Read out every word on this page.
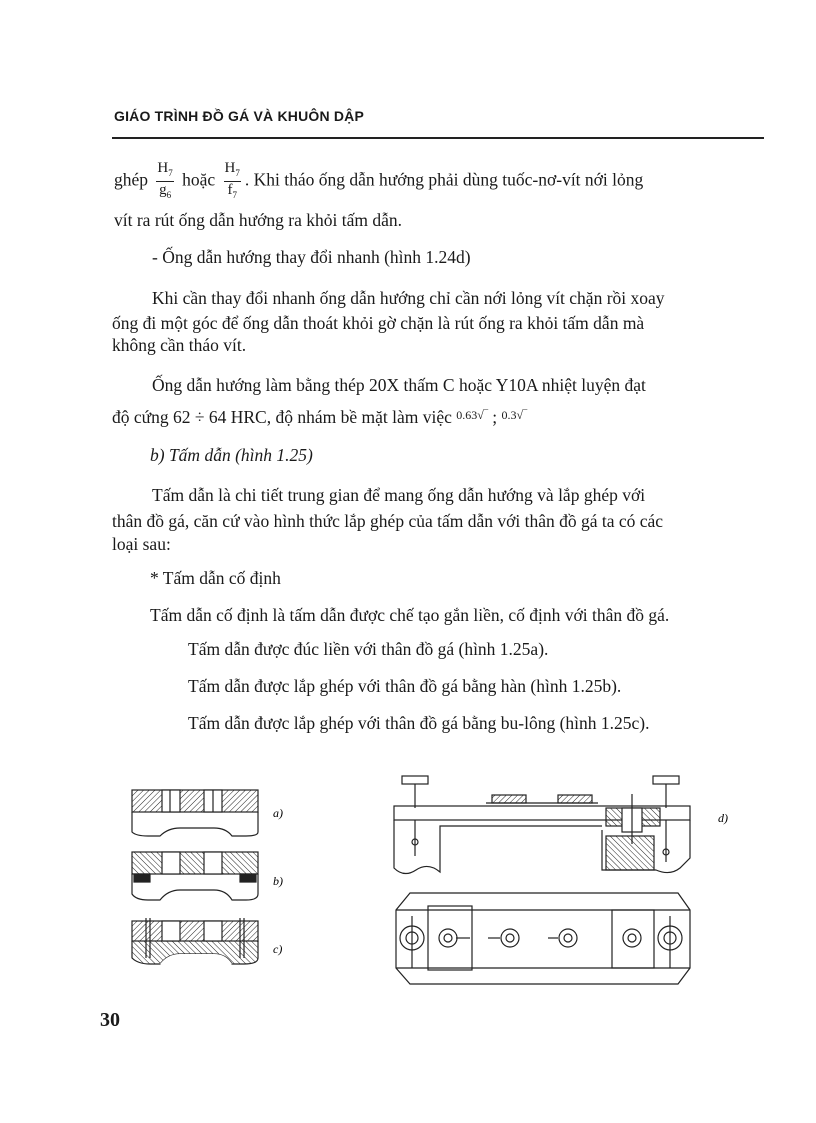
GIÁO TRÌNH ĐỒ GÁ VÀ KHUÔN DẬP
ghép $\frac{H_7}{g_6}$ hoặc $\frac{H_7}{f_7}$ . Khi tháo ống dẫn hướng phải dùng tuốc-nơ-vít nới lỏng
vít ra rút ống dẫn hướng ra khỏi tấm dẫn.
- Ống dẫn hướng thay đổi nhanh (hình 1.24d)
Khi cần thay đổi nhanh ống dẫn hướng chỉ cần nới lỏng vít chặn rồi xoay
ống đi một góc để ống dẫn thoát khỏi gờ chặn là rút ống ra khỏi tấm dẫn mà
không cần tháo vít.
Ống dẫn hướng làm bằng thép 20X thấm C hoặc Y10A nhiệt luyện đạt
độ cứng 62 ÷ 64 HRC, độ nhám bề mặt làm việc $^{0.63√‾}$ ; $^{0.3√‾}$
b) Tấm dẫn (hình 1.25)
Tấm dẫn là chi tiết trung gian để mang ống dẫn hướng và lắp ghép với
thân đồ gá, căn cứ vào hình thức lắp ghép của tấm dẫn với thân đồ gá ta có các
loại sau:
* Tấm dẫn cố định
Tấm dẫn cố định là tấm dẫn được chế tạo gắn liền, cố định với thân đồ gá.
Tấm dẫn được đúc liền với thân đồ gá (hình 1.25a).
Tấm dẫn được lắp ghép với thân đồ gá bằng hàn (hình 1.25b).
Tấm dẫn được lắp ghép với thân đồ gá bằng bu-lông (hình 1.25c).
a)
b)
c)
d)
30
